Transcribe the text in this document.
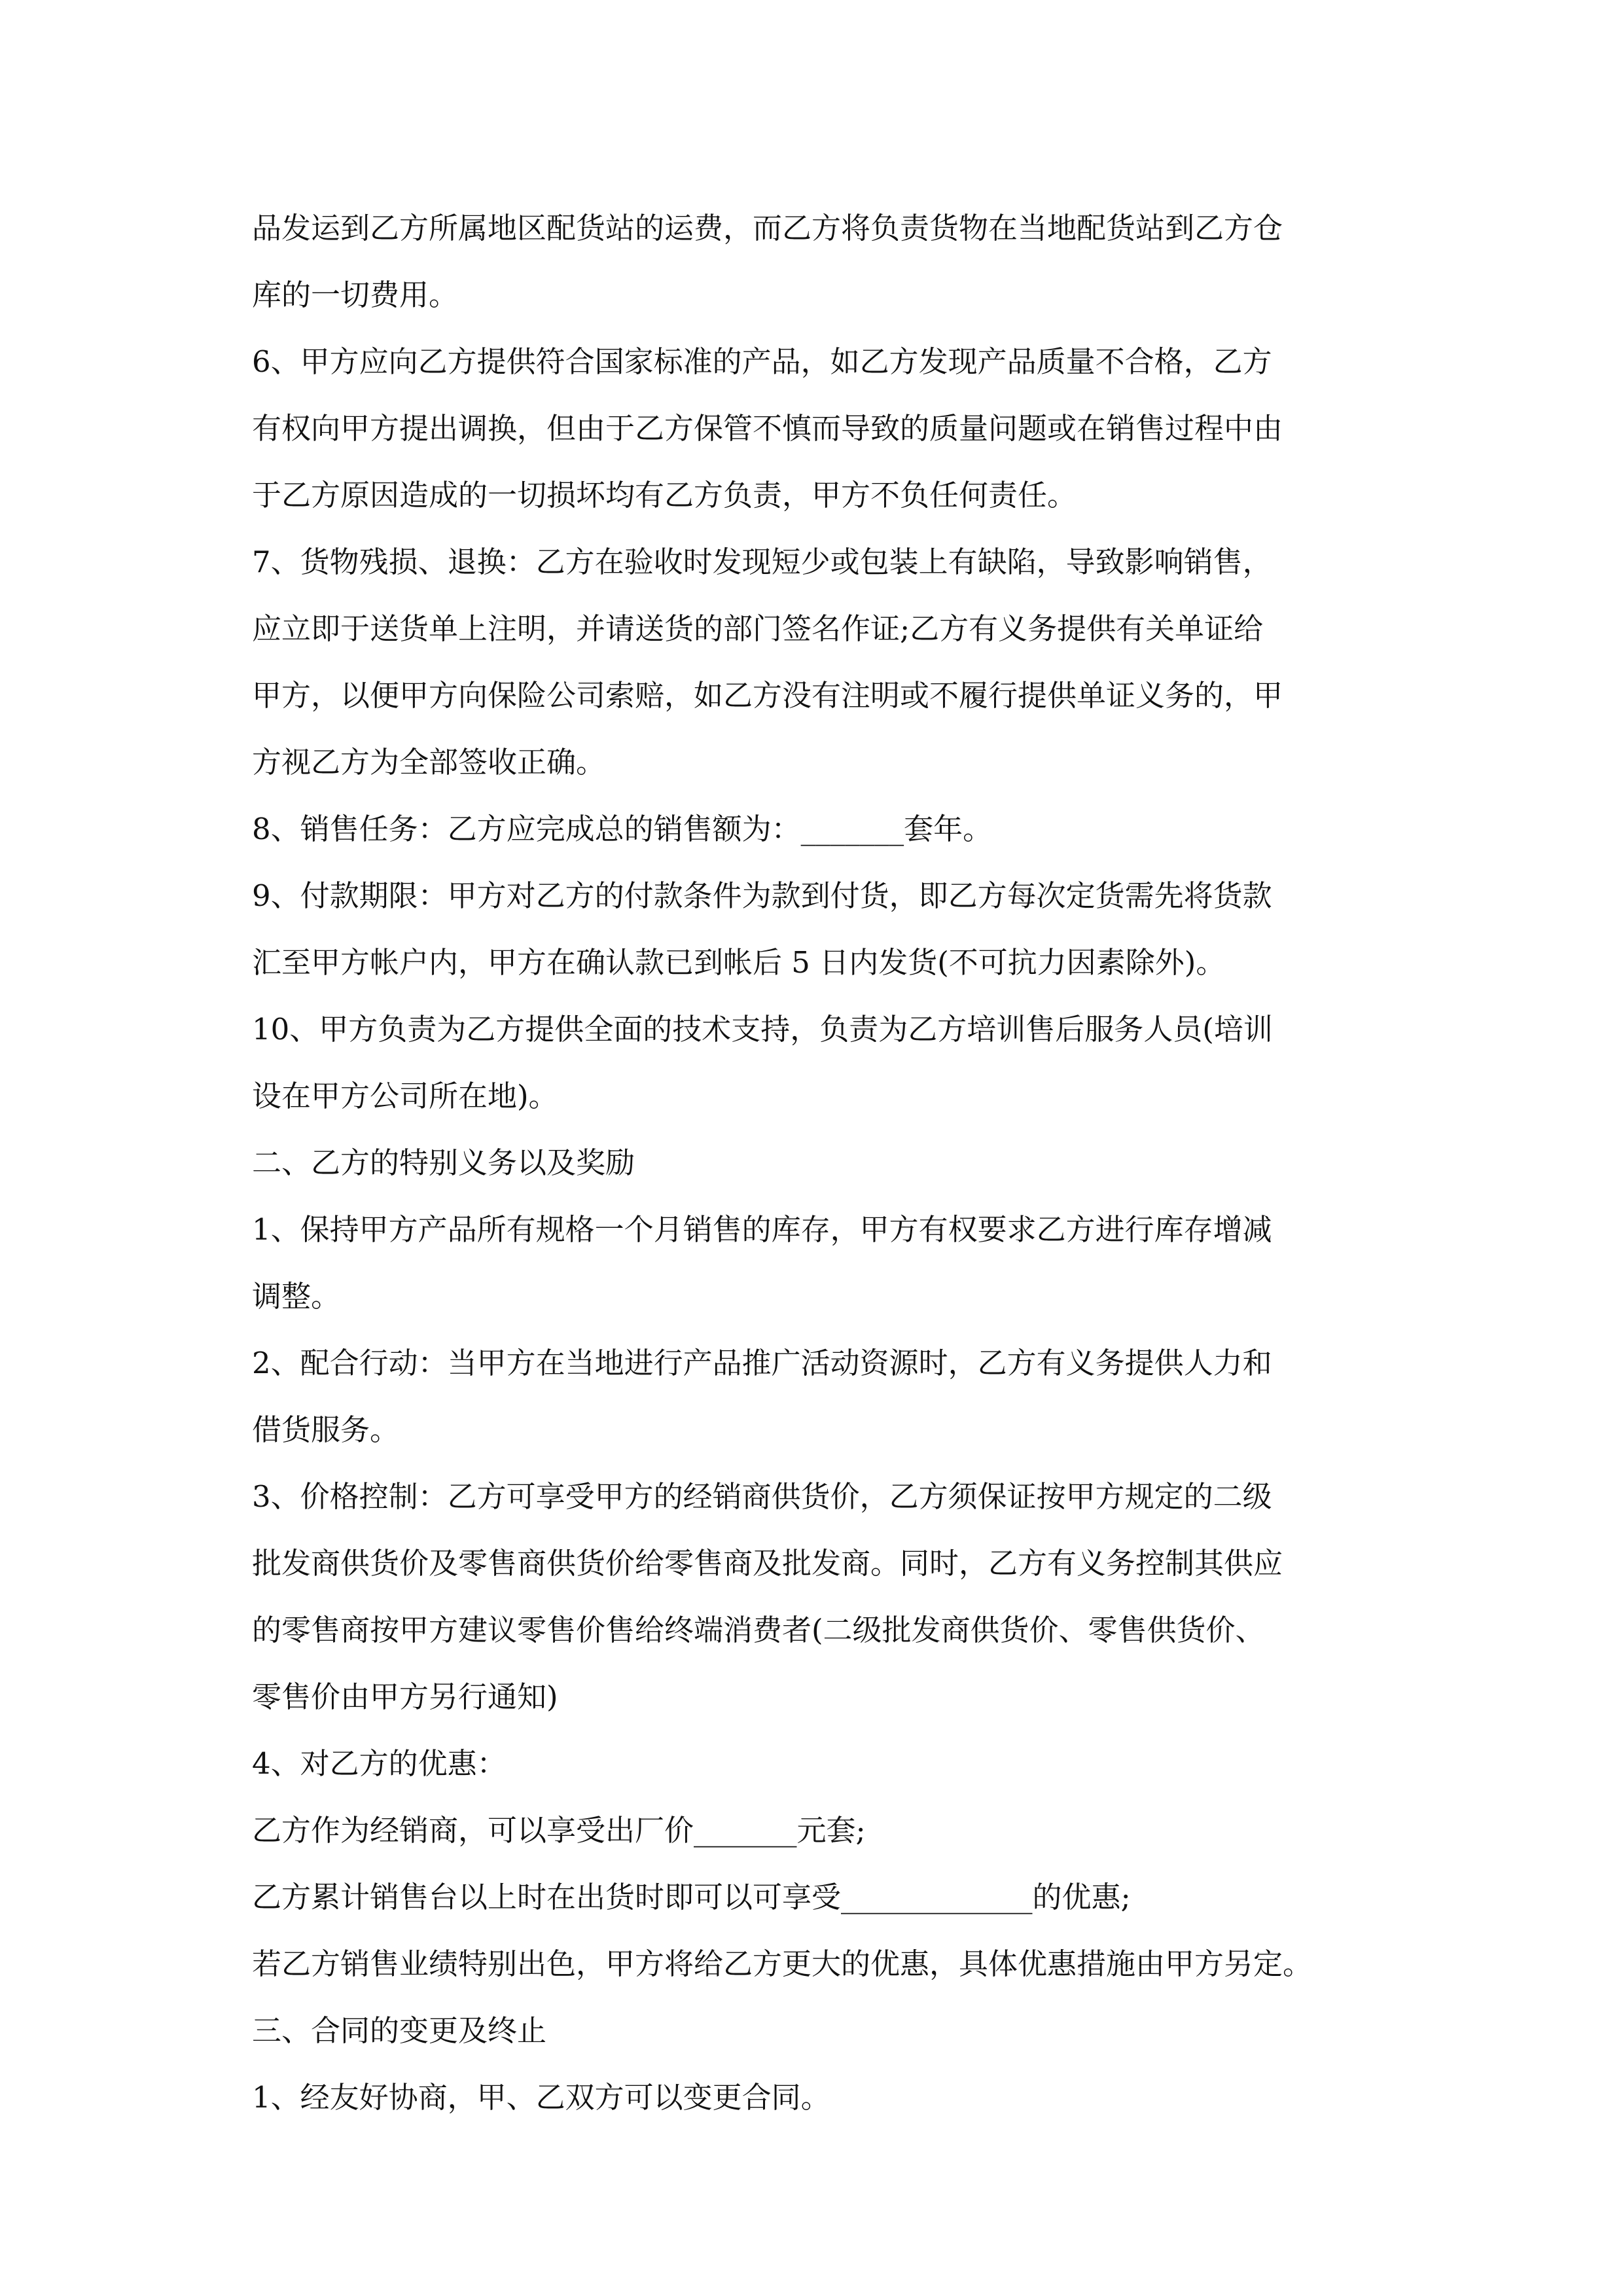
品发运到乙方所属地区配货站的运费，而乙方将负责货物在当地配货站到乙方仓
库的一切费用。
6、甲方应向乙方提供符合国家标准的产品，如乙方发现产品质量不合格，乙方
有权向甲方提出调换，但由于乙方保管不慎而导致的质量问题或在销售过程中由
于乙方原因造成的一切损坏均有乙方负责，甲方不负任何责任。
7、货物残损、退换：乙方在验收时发现短少或包装上有缺陷，导致影响销售，
应立即于送货单上注明，并请送货的部门签名作证;乙方有义务提供有关单证给
甲方，以便甲方向保险公司索赔，如乙方没有注明或不履行提供单证义务的，甲
方视乙方为全部签收正确。
8、销售任务：乙方应完成总的销售额为：_______套年。
9、付款期限：甲方对乙方的付款条件为款到付货，即乙方每次定货需先将货款
汇至甲方帐户内，甲方在确认款已到帐后 5 日内发货(不可抗力因素除外)。
10、甲方负责为乙方提供全面的技术支持，负责为乙方培训售后服务人员(培训
设在甲方公司所在地)。
二、乙方的特别义务以及奖励
1、保持甲方产品所有规格一个月销售的库存，甲方有权要求乙方进行库存增减
调整。
2、配合行动：当甲方在当地进行产品推广活动资源时，乙方有义务提供人力和
借货服务。
3、价格控制：乙方可享受甲方的经销商供货价，乙方须保证按甲方规定的二级
批发商供货价及零售商供货价给零售商及批发商。同时，乙方有义务控制其供应
的零售商按甲方建议零售价售给终端消费者(二级批发商供货价、零售供货价、
零售价由甲方另行通知)
4、对乙方的优惠：
乙方作为经销商，可以享受出厂价_______元套;
乙方累计销售台以上时在出货时即可以可享受_____________的优惠;
若乙方销售业绩特别出色，甲方将给乙方更大的优惠，具体优惠措施由甲方另定。
三、合同的变更及终止
1、经友好协商，甲、乙双方可以变更合同。
